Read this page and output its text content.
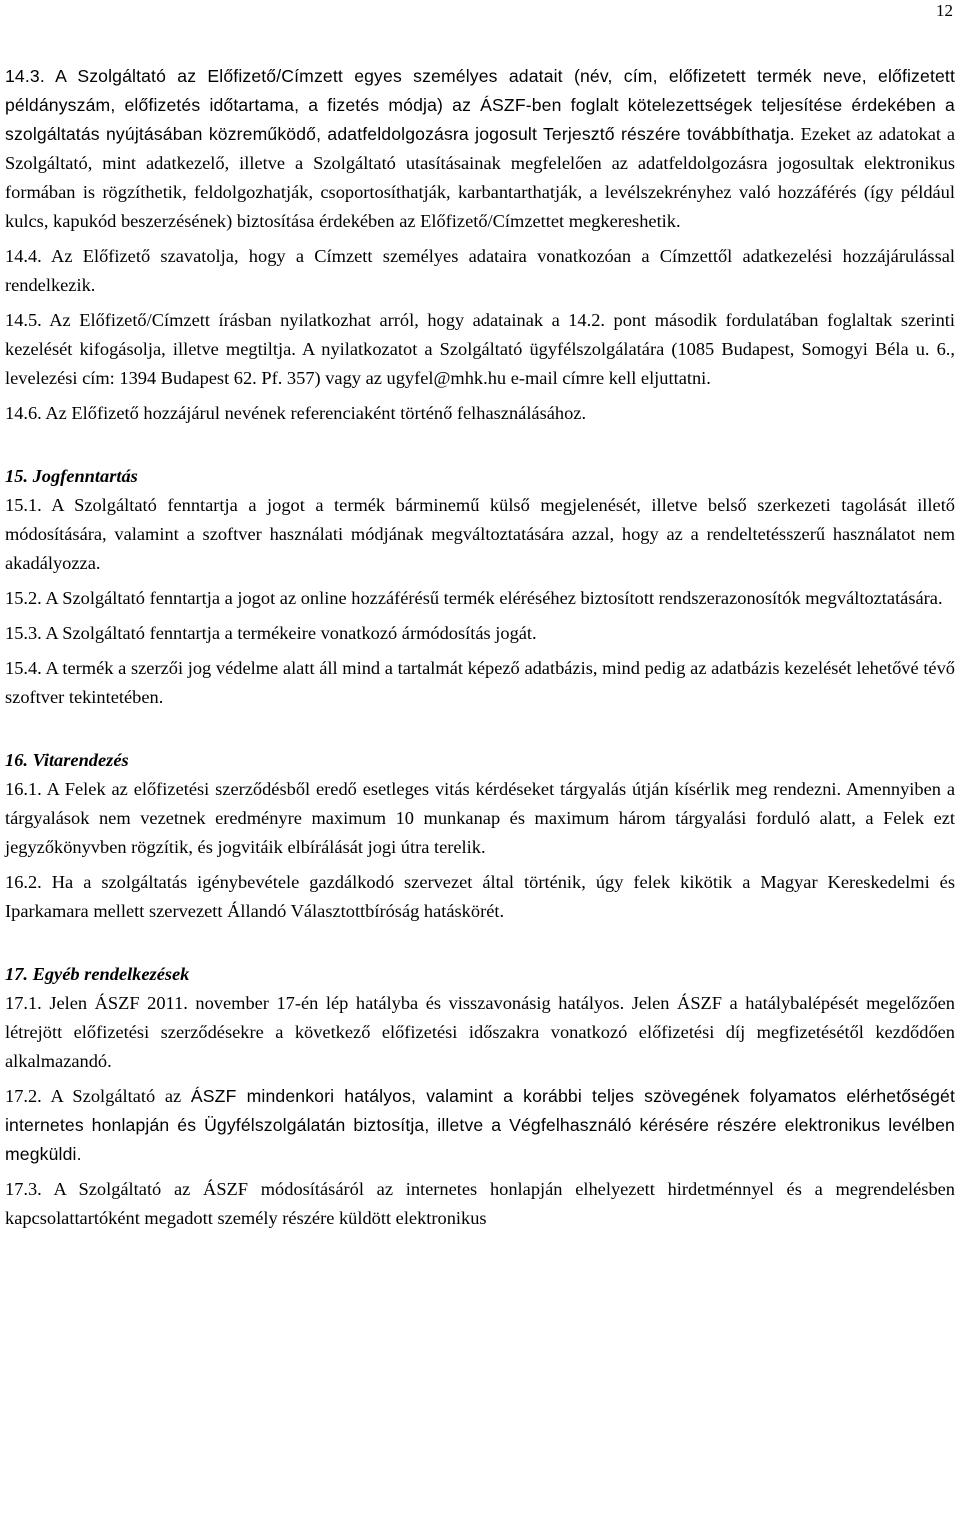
12

14.3. A Szolgáltató az Előfizető/Címzett egyes személyes adatait (név, cím, előfizetett termék neve, előfizetett példányszám, előfizetés időtartama, a fizetés módja) az ÁSZF-ben foglalt kötelezettségek teljesítése érdekében a szolgáltatás nyújtásában közreműködő, adatfeldolgozásra jogosult Terjesztő részére továbbíthatja. Ezeket az adatokat a Szolgáltató, mint adatkezelő, illetve a Szolgáltató utasításainak megfelelően az adatfeldolgozásra jogosultak elektronikus formában is rögzíthetik, feldolgozhatják, csoportosíthatják, karbantarthatják, a levélszekrényhez való hozzáférés (így például kulcs, kapukód beszerzésének) biztosítása érdekében az Előfizető/Címzettet megkereshetik.

14.4. Az Előfizető szavatolja, hogy a Címzett személyes adataira vonatkozóan a Címzettől adatkezelési hozzájárulással rendelkezik.

14.5. Az Előfizető/Címzett írásban nyilatkozhat arról, hogy adatainak a 14.2. pont második fordulatában foglaltak szerinti kezelését kifogásolja, illetve megtiltja. A nyilatkozatot a Szolgáltató ügyfélszolgálatára (1085 Budapest, Somogyi Béla u. 6., levelezési cím: 1394 Budapest 62. Pf. 357) vagy az ugyfel@mhk.hu e-mail címre kell eljuttatni.

14.6. Az Előfizető hozzájárul nevének referenciaként történő felhasználásához.

15. Jogfenntartás

15.1. A Szolgáltató fenntartja a jogot a termék bárminemű külső megjelenését, illetve belső szerkezeti tagolását illető módosítására, valamint a szoftver használati módjának megváltoztatására azzal, hogy az a rendeltetésszerű használatot nem akadályozza.

15.2. A Szolgáltató fenntartja a jogot az online hozzáférésű termék eléréséhez biztosított rendszerazonosítók megváltoztatására.

15.3. A Szolgáltató fenntartja a termékeire vonatkozó ármódosítás jogát.

15.4. A termék a szerzői jog védelme alatt áll mind a tartalmát képező adatbázis, mind pedig az adatbázis kezelését lehetővé tévő szoftver tekintetében.

16. Vitarendezés

16.1. A Felek az előfizetési szerződésből eredő esetleges vitás kérdéseket tárgyalás útján kísérlik meg rendezni. Amennyiben a tárgyalások nem vezetnek eredményre maximum 10 munkanap és maximum három tárgyalási forduló alatt, a Felek ezt jegyzőkönyvben rögzítik, és jogvitáik elbírálását jogi útra terelik.

16.2. Ha a szolgáltatás igénybevétele gazdálkodó szervezet által történik, úgy felek kikötik a Magyar Kereskedelmi és Iparkamara mellett szervezett Állandó Választottbíróság hatáskörét.

17. Egyéb rendelkezések

17.1. Jelen ÁSZF 2011. november 17-én lép hatályba és visszavonásig hatályos. Jelen ÁSZF a hatálybalépését megelőzően létrejött előfizetési szerződésekre a következő előfizetési időszakra vonatkozó előfizetési díj megfizetésétől kezdődően alkalmazandó.

17.2. A Szolgáltató az ÁSZF mindenkori hatályos, valamint a korábbi teljes szövegének folyamatos elérhetőségét internetes honlapján és Ügyfélszolgálatán biztosítja, illetve a Végfelhasználó kérésére részére elektronikus levélben megküldi.

17.3. A Szolgáltató az ÁSZF módosításáról az internetes honlapján elhelyezett hirdetménnyel és a megrendelésben kapcsolattartóként megadott személy részére küldött elektronikus
